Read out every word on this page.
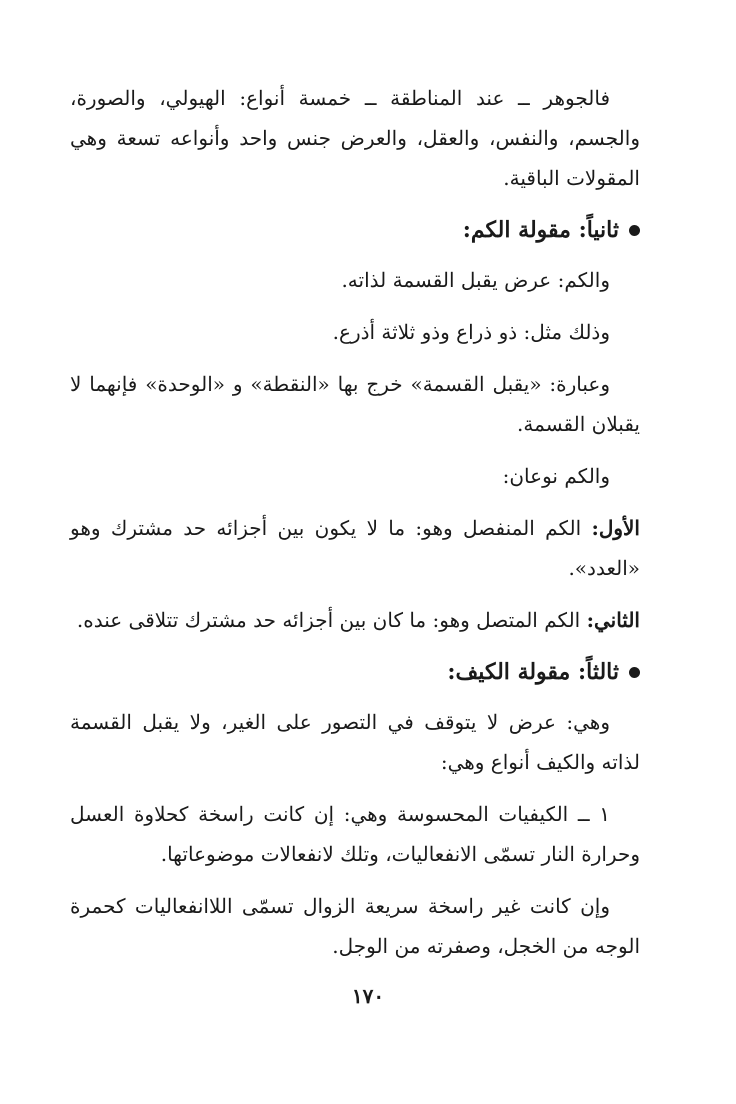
فالجوهر ــ عند المناطقة ــ خمسة أنواع: الهيولي، والصورة، والجسم، والنفس، والعقل، والعرض جنس واحد وأنواعه تسعة وهي المقولات الباقية.

ثانياً: مقولة الكم:

والكم: عرض يقبل القسمة لذاته.

وذلك مثل: ذو ذراع وذو ثلاثة أذرع.

وعبارة: «يقبل القسمة» خرج بها «النقطة» و «الوحدة» فإنهما لا يقبلان القسمة.

والكم نوعان:

الأول: الكم المنفصل وهو: ما لا يكون بين أجزائه حد مشترك وهو «العدد».

الثاني: الكم المتصل وهو: ما كان بين أجزائه حد مشترك تتلاقى عنده.

ثالثاً: مقولة الكيف:

وهي: عرض لا يتوقف في التصور على الغير، ولا يقبل القسمة لذاته والكيف أنواع وهي:

١ ــ الكيفيات المحسوسة وهي: إن كانت راسخة كحلاوة العسل وحرارة النار تسمّى الانفعاليات، وتلك لانفعالات موضوعاتها.

وإن كانت غير راسخة سريعة الزوال تسمّى اللاانفعاليات كحمرة الوجه من الخجل، وصفرته من الوجل.

١٧٠
